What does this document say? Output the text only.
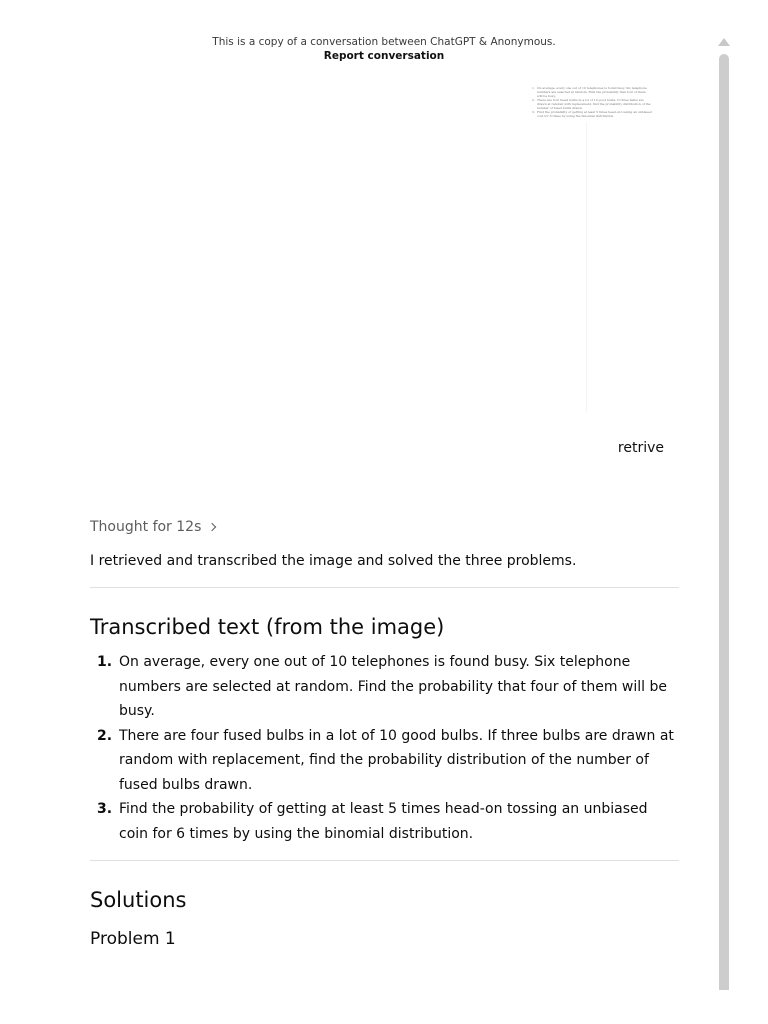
This is a copy of a conversation between ChatGPT & Anonymous.
Report conversation
1. On average, every one out of 10 telephones is found busy. Six telephone numbers are selected at random. Find the probability that four of them will be busy.
2. There are four fused bulbs in a lot of 10 good bulbs. If three bulbs are drawn at random with replacement, find the probability distribution of the number of fused bulbs drawn.
3. Find the probability of getting at least 5 times head-on tossing an unbiased coin for 6 times by using the binomial distribution.
retrive
Thought for 12s
I retrieved and transcribed the image and solved the three problems.
Transcribed text (from the image)
1. On average, every one out of 10 telephones is found busy. Six telephone numbers are selected at random. Find the probability that four of them will be busy.
2. There are four fused bulbs in a lot of 10 good bulbs. If three bulbs are drawn at random with replacement, find the probability distribution of the number of fused bulbs drawn.
3. Find the probability of getting at least 5 times head-on tossing an unbiased coin for 6 times by using the binomial distribution.
Solutions
Problem 1
